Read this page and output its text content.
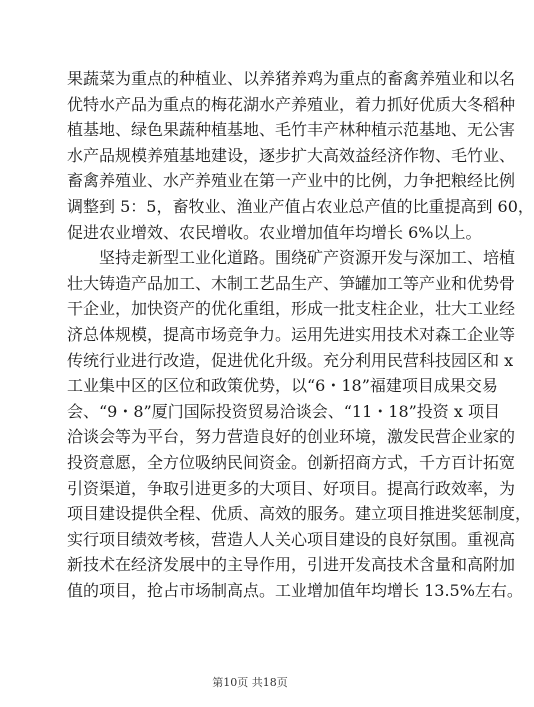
果蔬菜为重点的种植业、以养猪养鸡为重点的畜禽养殖业和以名
优特水产品为重点的梅花湖水产养殖业，着力抓好优质大冬稻种
植基地、绿色果蔬种植基地、毛竹丰产林种植示范基地、无公害
水产品规模养殖基地建设，逐步扩大高效益经济作物、毛竹业、
畜禽养殖业、水产养殖业在第一产业中的比例，力争把粮经比例
调整到 5：5，畜牧业、渔业产值占农业总产值的比重提高到 60，
促进农业增效、农民增收。农业增加值年均增长 6%以上。
　　坚持走新型工业化道路。围绕矿产资源开发与深加工、培植
壮大铸造产品加工、木制工艺品生产、笋罐加工等产业和优势骨
干企业，加快资产的优化重组，形成一批支柱企业，壮大工业经
济总体规模，提高市场竞争力。运用先进实用技术对森工企业等
传统行业进行改造，促进优化升级。充分利用民营科技园区和 x
工业集中区的区位和政策优势，以“6・18”福建项目成果交易
会、“9・8”厦门国际投资贸易洽谈会、“11・18”投资 x 项目
洽谈会等为平台，努力营造良好的创业环境，激发民营企业家的
投资意愿，全方位吸纳民间资金。创新招商方式，千方百计拓宽
引资渠道，争取引进更多的大项目、好项目。提高行政效率，为
项目建设提供全程、优质、高效的服务。建立项目推进奖惩制度，
实行项目绩效考核，营造人人关心项目建设的良好氛围。重视高
新技术在经济发展中的主导作用，引进开发高技术含量和高附加
值的项目，抢占市场制高点。工业增加值年均增长 13.5%左右。
第10页 共18页
